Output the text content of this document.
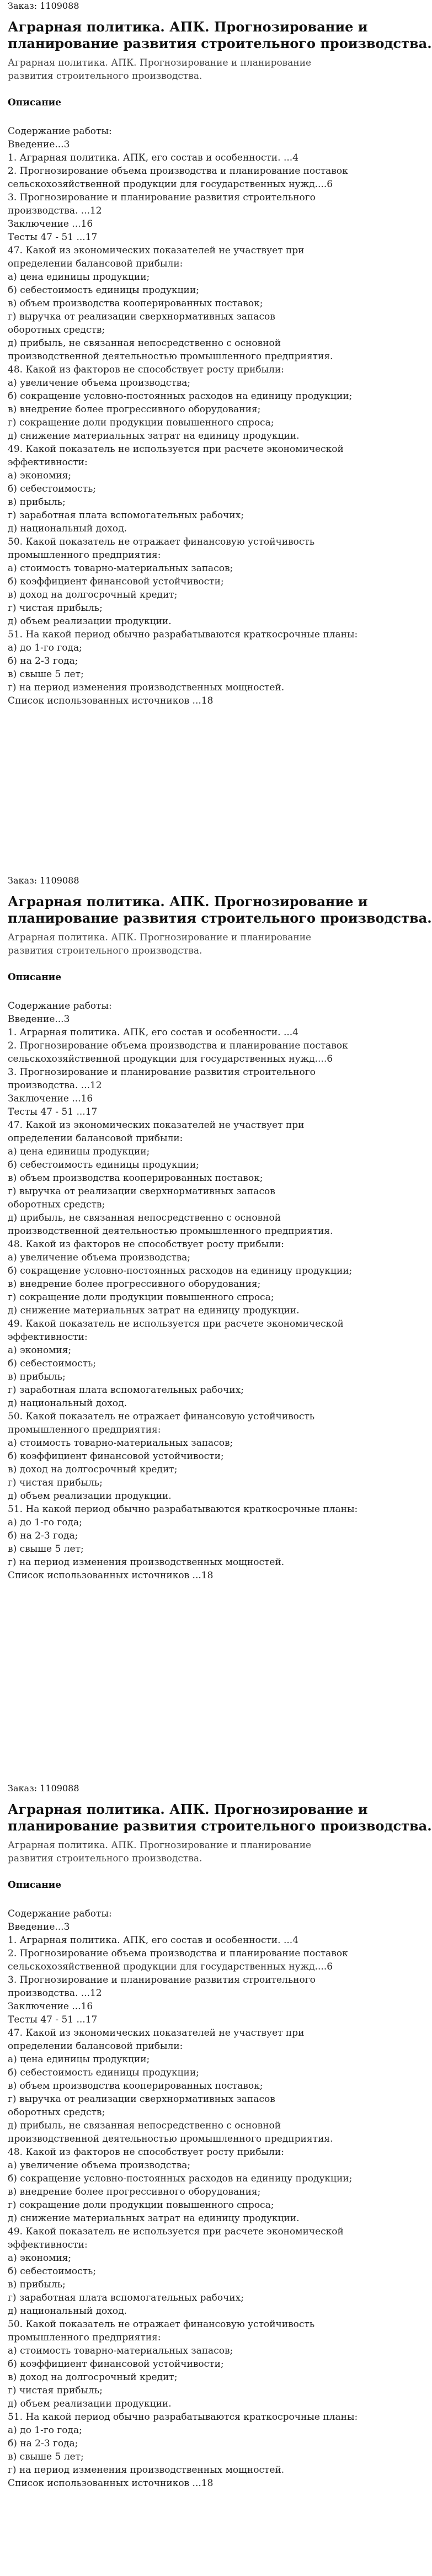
Заказ: 1109088
Аграрная политика. АПК. Прогнозирование и
планирование развития строительного производства.
Аграрная политика. АПК. Прогнозирование и планирование
развития строительного производства.
Описание
Содержание работы:
Введение...3
1. Аграрная политика. АПК, его состав и особенности. ...4
2. Прогнозирование объема производства и планирование поставок
сельскохозяйственной продукции для государственных нужд....6
3. Прогнозирование и планирование развития строительного
производства. ...12
Заключение ...16
Тесты 47 - 51 ...17
47. Какой из экономических показателей не участвует при
определении балансовой прибыли:
а) цена единицы продукции;
б) себестоимость единицы продукции;
в) объем производства кооперированных поставок;
г) выручка от реализации сверхнормативных запасов
оборотных средств;
д) прибыль, не связанная непосредственно с основной
производственной деятельностью промышленного предприятия.
48. Какой из факторов не способствует росту прибыли:
а) увеличение объема производства;
б) сокращение условно-постоянных расходов на единицу продукции;
в) внедрение более прогрессивного оборудования;
г) сокращение доли продукции повышенного спроса;
д) снижение материальных затрат на единицу продукции.
49. Какой показатель не используется при расчете экономической
эффективности:
а) экономия;
б) себестоимость;
в) прибыль;
г) заработная плата вспомогательных рабочих;
д) национальный доход.
50. Какой показатель не отражает финансовую устойчивость
промышленного предприятия:
а) стоимость товарно-материальных запасов;
б) коэффициент финансовой устойчивости;
в) доход на долгосрочный кредит;
г) чистая прибыль;
д) объем реализации продукции.
51. На какой период обычно разрабатываются краткосрочные планы:
а) до 1-го года;
б) на 2-3 года;
в) свыше 5 лет;
г) на период изменения производственных мощностей.
Список использованных источников ...18
Заказ: 1109088
Аграрная политика. АПК. Прогнозирование и
планирование развития строительного производства.
Аграрная политика. АПК. Прогнозирование и планирование
развития строительного производства.
Описание
Содержание работы:
Введение...3
1. Аграрная политика. АПК, его состав и особенности. ...4
2. Прогнозирование объема производства и планирование поставок
сельскохозяйственной продукции для государственных нужд....6
3. Прогнозирование и планирование развития строительного
производства. ...12
Заключение ...16
Тесты 47 - 51 ...17
47. Какой из экономических показателей не участвует при
определении балансовой прибыли:
а) цена единицы продукции;
б) себестоимость единицы продукции;
в) объем производства кооперированных поставок;
г) выручка от реализации сверхнормативных запасов
оборотных средств;
д) прибыль, не связанная непосредственно с основной
производственной деятельностью промышленного предприятия.
48. Какой из факторов не способствует росту прибыли:
а) увеличение объема производства;
б) сокращение условно-постоянных расходов на единицу продукции;
в) внедрение более прогрессивного оборудования;
г) сокращение доли продукции повышенного спроса;
д) снижение материальных затрат на единицу продукции.
49. Какой показатель не используется при расчете экономической
эффективности:
а) экономия;
б) себестоимость;
в) прибыль;
г) заработная плата вспомогательных рабочих;
д) национальный доход.
50. Какой показатель не отражает финансовую устойчивость
промышленного предприятия:
а) стоимость товарно-материальных запасов;
б) коэффициент финансовой устойчивости;
в) доход на долгосрочный кредит;
г) чистая прибыль;
д) объем реализации продукции.
51. На какой период обычно разрабатываются краткосрочные планы:
а) до 1-го года;
б) на 2-3 года;
в) свыше 5 лет;
г) на период изменения производственных мощностей.
Список использованных источников ...18
Заказ: 1109088
Аграрная политика. АПК. Прогнозирование и
планирование развития строительного производства.
Аграрная политика. АПК. Прогнозирование и планирование
развития строительного производства.
Описание
Содержание работы:
Введение...3
1. Аграрная политика. АПК, его состав и особенности. ...4
2. Прогнозирование объема производства и планирование поставок
сельскохозяйственной продукции для государственных нужд....6
3. Прогнозирование и планирование развития строительного
производства. ...12
Заключение ...16
Тесты 47 - 51 ...17
47. Какой из экономических показателей не участвует при
определении балансовой прибыли:
а) цена единицы продукции;
б) себестоимость единицы продукции;
в) объем производства кооперированных поставок;
г) выручка от реализации сверхнормативных запасов
оборотных средств;
д) прибыль, не связанная непосредственно с основной
производственной деятельностью промышленного предприятия.
48. Какой из факторов не способствует росту прибыли:
а) увеличение объема производства;
б) сокращение условно-постоянных расходов на единицу продукции;
в) внедрение более прогрессивного оборудования;
г) сокращение доли продукции повышенного спроса;
д) снижение материальных затрат на единицу продукции.
49. Какой показатель не используется при расчете экономической
эффективности:
а) экономия;
б) себестоимость;
в) прибыль;
г) заработная плата вспомогательных рабочих;
д) национальный доход.
50. Какой показатель не отражает финансовую устойчивость
промышленного предприятия:
а) стоимость товарно-материальных запасов;
б) коэффициент финансовой устойчивости;
в) доход на долгосрочный кредит;
г) чистая прибыль;
д) объем реализации продукции.
51. На какой период обычно разрабатываются краткосрочные планы:
а) до 1-го года;
б) на 2-3 года;
в) свыше 5 лет;
г) на период изменения производственных мощностей.
Список использованных источников ...18
